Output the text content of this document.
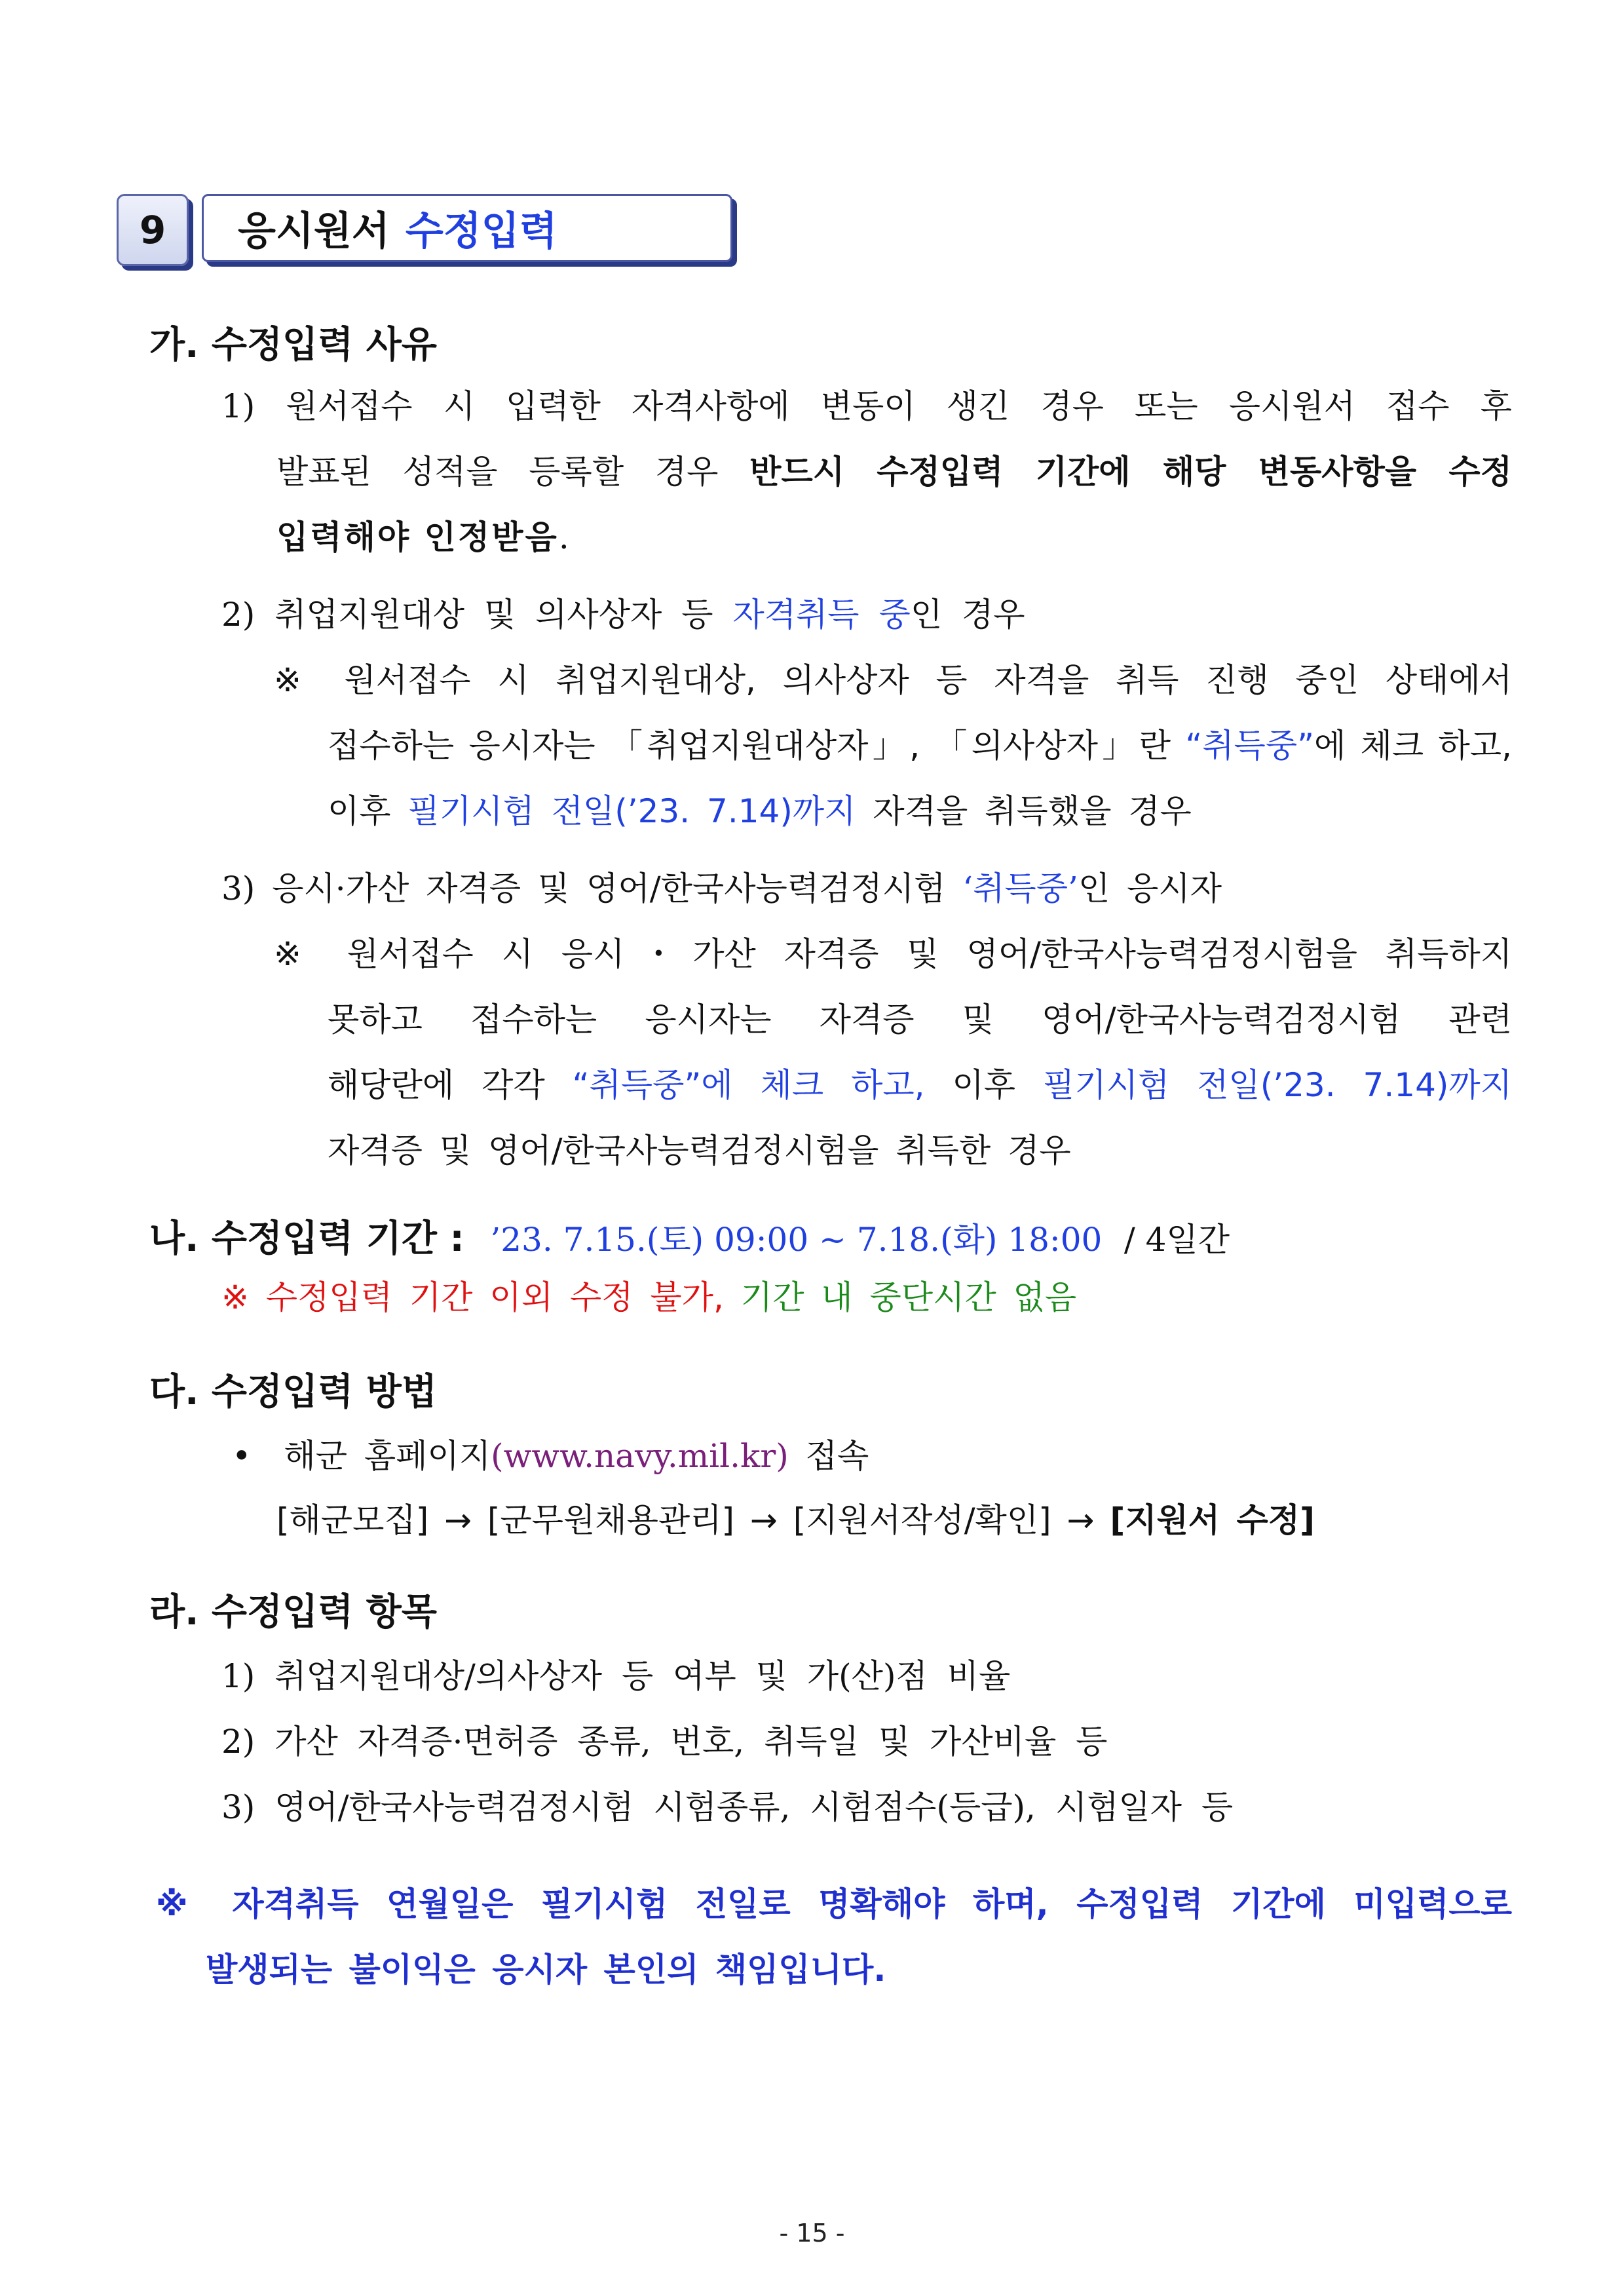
9	응시원서 수정입력
가. 수정입력 사유
1) 원서접수 시 입력한 자격사항에 변동이 생긴 경우 또는 응시원서 접수 후
발표된 성적을 등록할 경우 반드시 수정입력 기간에 해당 변동사항을 수정
입력해야 인정받음.
2) 취업지원대상 및 의사상자 등 자격취득 중인 경우
※ 원서접수 시 취업지원대상, 의사상자 등 자격을 취득 진행 중인 상태에서
접수하는 응시자는 「취업지원대상자」, 「의사상자」란 “취득중”에 체크 하고,
이후 필기시험 전일(’23. 7.14)까지 자격을 취득했을 경우
3) 응시·가산 자격증 및 영어/한국사능력검정시험 ‘취득중’인 응시자
※ 원서접수 시 응시・가산 자격증 및 영어/한국사능력검정시험을 취득하지
못하고 접수하는 응시자는 자격증 및 영어/한국사능력검정시험 관련
해당란에 각각 “취득중”에 체크 하고, 이후 필기시험 전일(’23. 7.14)까지
자격증 및 영어/한국사능력검정시험을 취득한 경우
나. 수정입력 기간 : ’23. 7.15.(토) 09:00 ~ 7.18.(화) 18:00 / 4일간
※ 수정입력 기간 이외 수정 불가, 기간 내 중단시간 없음
다. 수정입력 방법
• 해군 홈페이지(www.navy.mil.kr) 접속
[해군모집] → [군무원채용관리] → [지원서작성/확인] → [지원서 수정]
라. 수정입력 항목
1) 취업지원대상/의사상자 등 여부 및 가(산)점 비율
2) 가산 자격증·면허증 종류, 번호, 취득일 및 가산비율 등
3) 영어/한국사능력검정시험 시험종류, 시험점수(등급), 시험일자 등
※ 자격취득 연월일은 필기시험 전일로 명확해야 하며, 수정입력 기간에 미입력으로
발생되는 불이익은 응시자 본인의 책임입니다.
- 15 -
